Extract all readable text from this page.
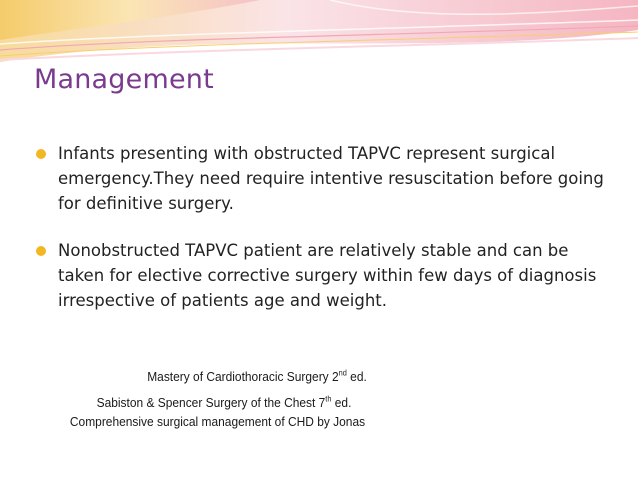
Management
Infants presenting with obstructed TAPVC represent surgical emergency.They need require intentive resuscitation before going for definitive surgery.
Nonobstructed TAPVC patient are relatively stable and can be taken for elective corrective surgery within few days of diagnosis irrespective of patients age and weight.
Mastery of Cardiothoracic Surgery 2nd ed.
Sabiston & Spencer Surgery of the Chest 7th ed.
Comprehensive surgical management of CHD by Jonas
